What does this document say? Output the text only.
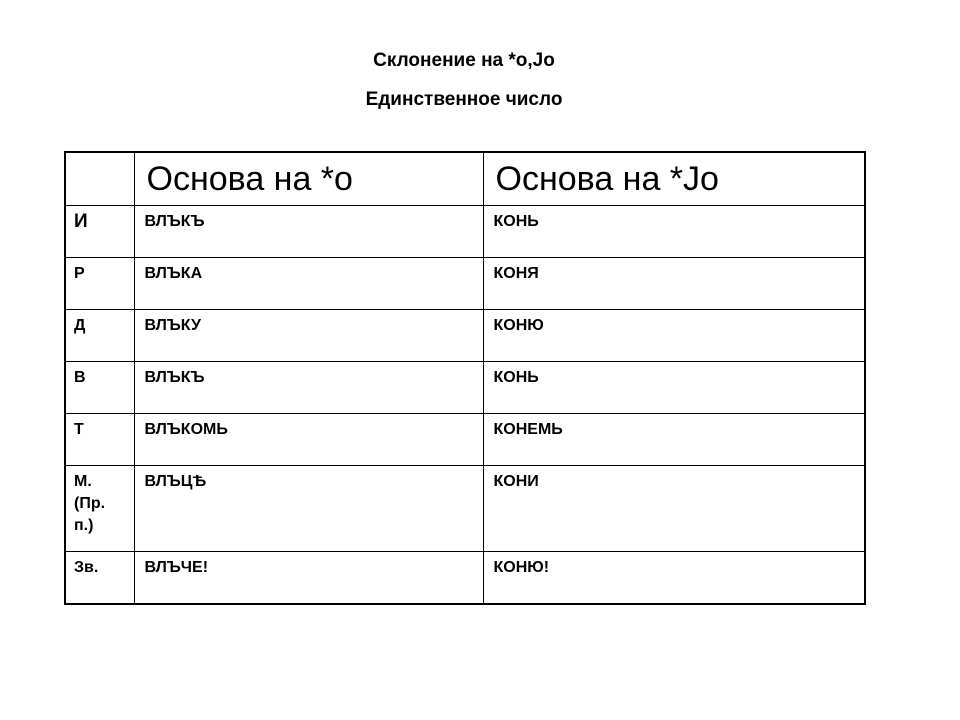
Склонение на *o,Jo
Единственное число
	Основа на *o	Основа на *Jo
И	ВЛЪКЪ	КОНЬ
Р	ВЛЪКА	КОНЯ
Д	ВЛЪКУ	КОНЮ
В	ВЛЪКЪ	КОНЬ
Т	ВЛЪКОМЬ	КОНЕМЬ

М.
(Пр.
п.)	ВЛЪЦѢ	КОНИ
Зв.	ВЛЪЧЕ!	КОНЮ!
